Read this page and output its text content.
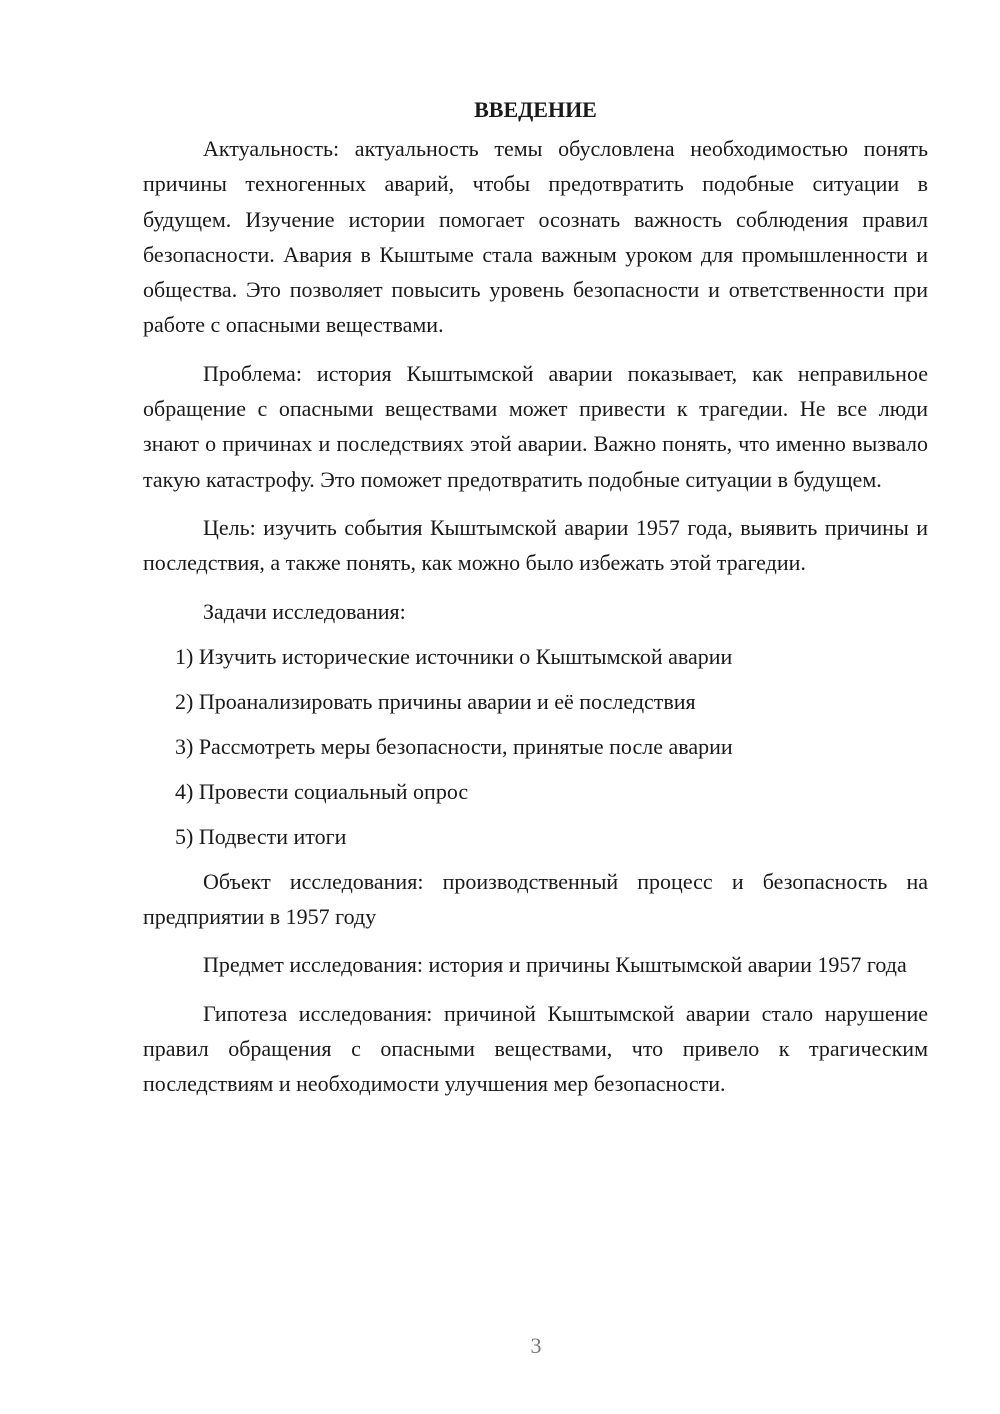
ВВЕДЕНИЕ

Актуальность: актуальность темы обусловлена необходимостью понять причины техногенных аварий, чтобы предотвратить подобные ситуации в будущем. Изучение истории помогает осознать важность соблюдения правил безопасности. Авария в Кыштыме стала важным уроком для промышленности и общества. Это позволяет повысить уровень безопасности и ответственности при работе с опасными веществами.

Проблема: история Кыштымской аварии показывает, как неправильное обращение с опасными веществами может привести к трагедии. Не все люди знают о причинах и последствиях этой аварии. Важно понять, что именно вызвало такую катастрофу. Это поможет предотвратить подобные ситуации в будущем.

Цель: изучить события Кыштымской аварии 1957 года, выявить причины и последствия, а также понять, как можно было избежать этой трагедии.

Задачи исследования:

1) Изучить исторические источники о Кыштымской аварии
2) Проанализировать причины аварии и её последствия
3) Рассмотреть меры безопасности, принятые после аварии
4) Провести социальный опрос
5) Подвести итоги

Объект исследования: производственный процесс и безопасность на предприятии в 1957 году

Предмет исследования: история и причины Кыштымской аварии 1957 года

Гипотеза исследования: причиной Кыштымской аварии стало нарушение правил обращения с опасными веществами, что привело к трагическим последствиям и необходимости улучшения мер безопасности.

3
